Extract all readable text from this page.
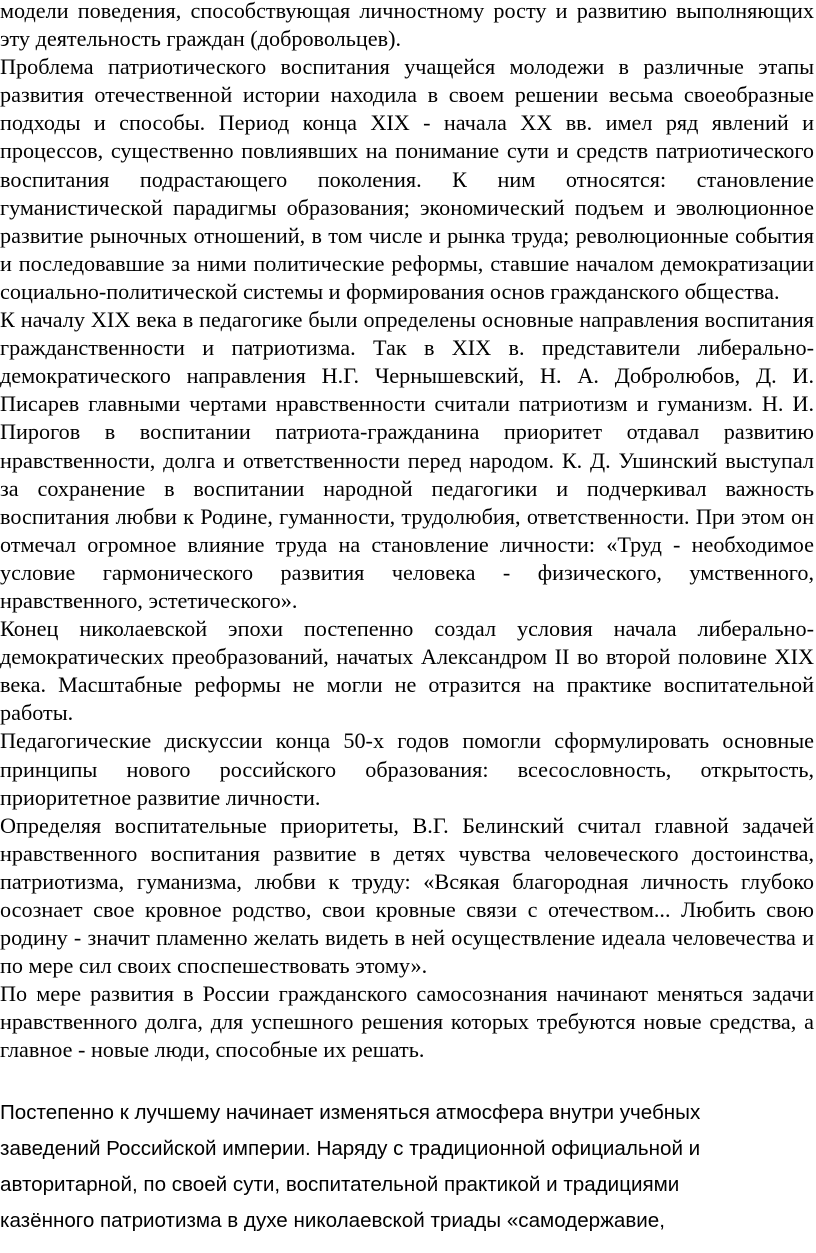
модели поведения, способствующая личностному росту и развитию выполняющих эту деятельность граждан (добровольцев).

Проблема патриотического воспитания учащейся молодежи в различные этапы развития отечественной истории находила в своем решении весьма своеобразные подходы и способы. Период конца XIX - начала XX вв. имел ряд явлений и процессов, существенно повлиявших на понимание сути и средств патриотического воспитания подрастающего поколения. К ним относятся: становление гуманистической парадигмы образования; экономический подъем и эволюционное развитие рыночных отношений, в том числе и рынка труда; революционные события и последовавшие за ними политические реформы, ставшие началом демократизации социально-политической системы и формирования основ гражданского общества.

К началу XIX века в педагогике были определены основные направления воспитания гражданственности и патриотизма. Так в XIX в. представители либерально-демократического направления Н.Г. Чернышевский, Н. А. Добролюбов, Д. И. Писарев главными чертами нравственности считали патриотизм и гуманизм. Н. И. Пирогов в воспитании патриота-гражданина приоритет отдавал развитию нравственности, долга и ответственности перед народом. К. Д. Ушинский выступал за сохранение в воспитании народной педагогики и подчеркивал важность воспитания любви к Родине, гуманности, трудолюбия, ответственности. При этом он отмечал огромное влияние труда на становление личности: «Труд - необходимое условие гармонического развития человека - физического, умственного, нравственного, эстетического».

Конец николаевской эпохи постепенно создал условия начала либерально-демократических преобразований, начатых Александром II во второй половине XIX века. Масштабные реформы не могли не отразится на практике воспитательной работы.

Педагогические дискуссии конца 50-х годов помогли сформулировать основные принципы нового российского образования: всесословность, открытость, приоритетное развитие личности.

Определяя воспитательные приоритеты, В.Г. Белинский считал главной задачей нравственного воспитания развитие в детях чувства человеческого достоинства, патриотизма, гуманизма, любви к труду: «Всякая благородная личность глубоко осознает свое кровное родство, свои кровные связи с отечеством... Любить свою родину - значит пламенно желать видеть в ней осуществление идеала человечества и по мере сил своих споспешествовать этому».

По мере развития в России гражданского самосознания начинают меняться задачи нравственного долга, для успешного решения которых требуются новые средства, а главное - новые люди, способные их решать.

Постепенно к лучшему начинает изменяться атмосфера внутри учебных

заведений Российской империи. Наряду с традиционной официальной и

авторитарной, по своей сути, воспитательной практикой и традициями

казённого патриотизма в духе николаевской триады «самодержавие,
